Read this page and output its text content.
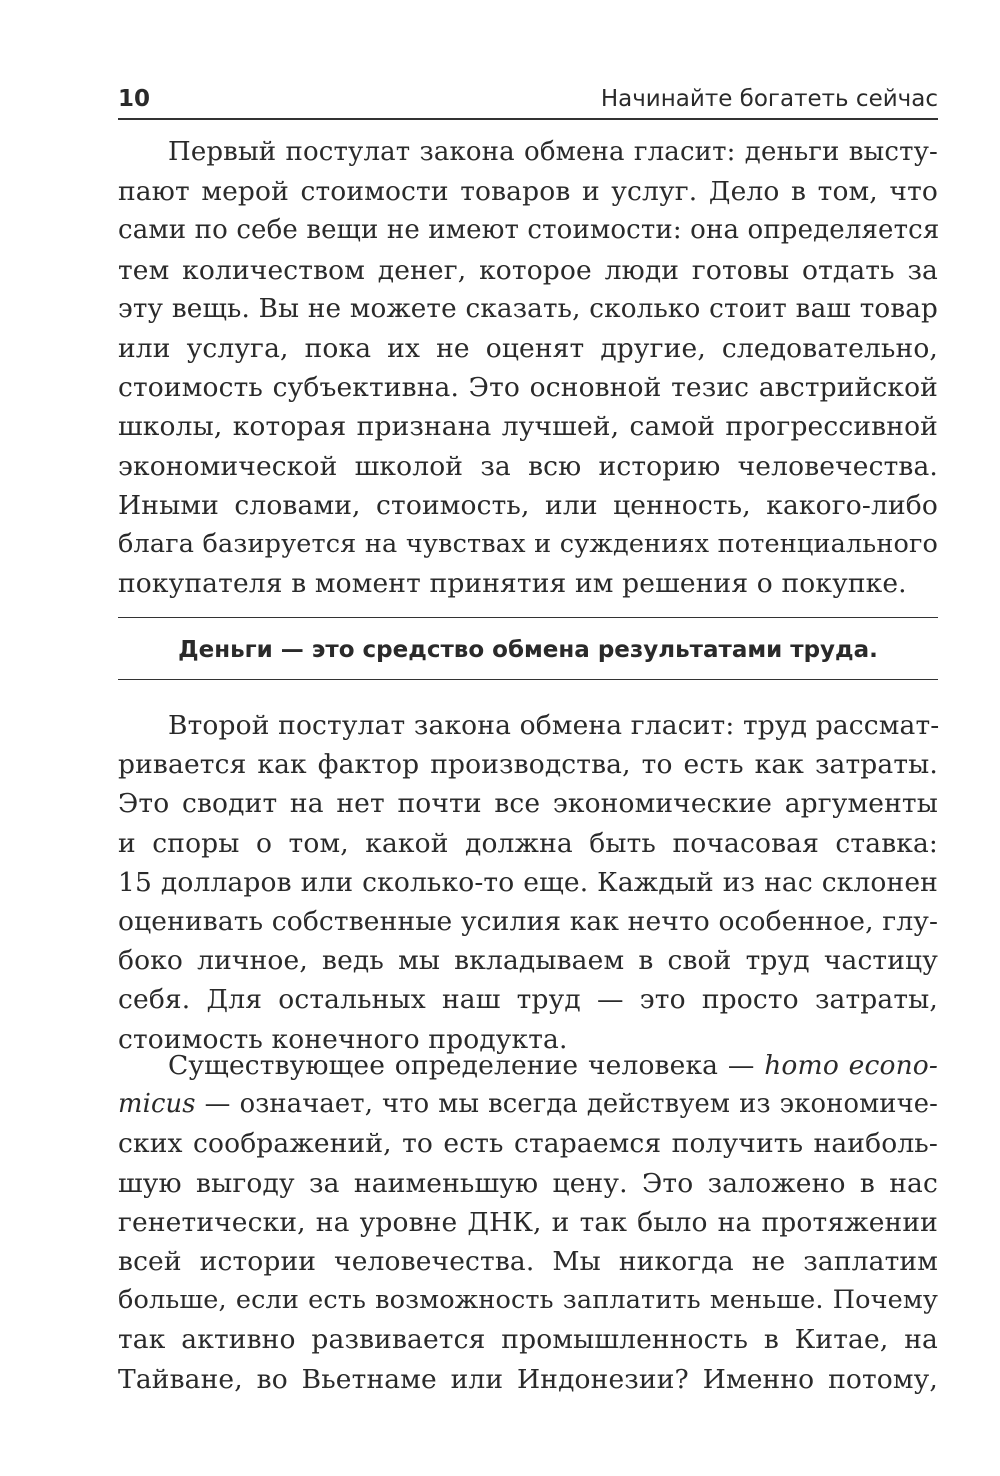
10	Начинайте богатеть сейчас
Первый постулат закона обмена гласит: деньги высту-
пают мерой стоимости товаров и услуг. Дело в том, что
сами по себе вещи не имеют стоимости: она определяется
тем количеством денег, которое люди готовы отдать за
эту вещь. Вы не можете сказать, сколько стоит ваш товар
или услуга, пока их не оценят другие, следовательно,
стоимость субъективна. Это основной тезис австрийской
школы, которая признана лучшей, самой прогрессивной
экономической школой за всю историю человечества.
Иными словами, стоимость, или ценность, какого-либо
блага базируется на чувствах и суждениях потенциального
покупателя в момент принятия им решения о покупке.
Деньги — это средство обмена результатами труда.
Второй постулат закона обмена гласит: труд рассмат-
ривается как фактор производства, то есть как затраты.
Это сводит на нет почти все экономические аргументы
и споры о том, какой должна быть почасовая ставка:
15 долларов или сколько-то еще. Каждый из нас склонен
оценивать собственные усилия как нечто особенное, глу-
боко личное, ведь мы вкладываем в свой труд частицу
себя. Для остальных наш труд — это просто затраты,
стоимость конечного продукта.
Существующее определение человека — homo econo-
micus — означает, что мы всегда действуем из экономиче-
ских соображений, то есть стараемся получить наиболь-
шую выгоду за наименьшую цену. Это заложено в нас
генетически, на уровне ДНК, и так было на протяжении
всей истории человечества. Мы никогда не заплатим
больше, если есть возможность заплатить меньше. Почему
так активно развивается промышленность в Китае, на
Тайване, во Вьетнаме или Индонезии? Именно потому,
